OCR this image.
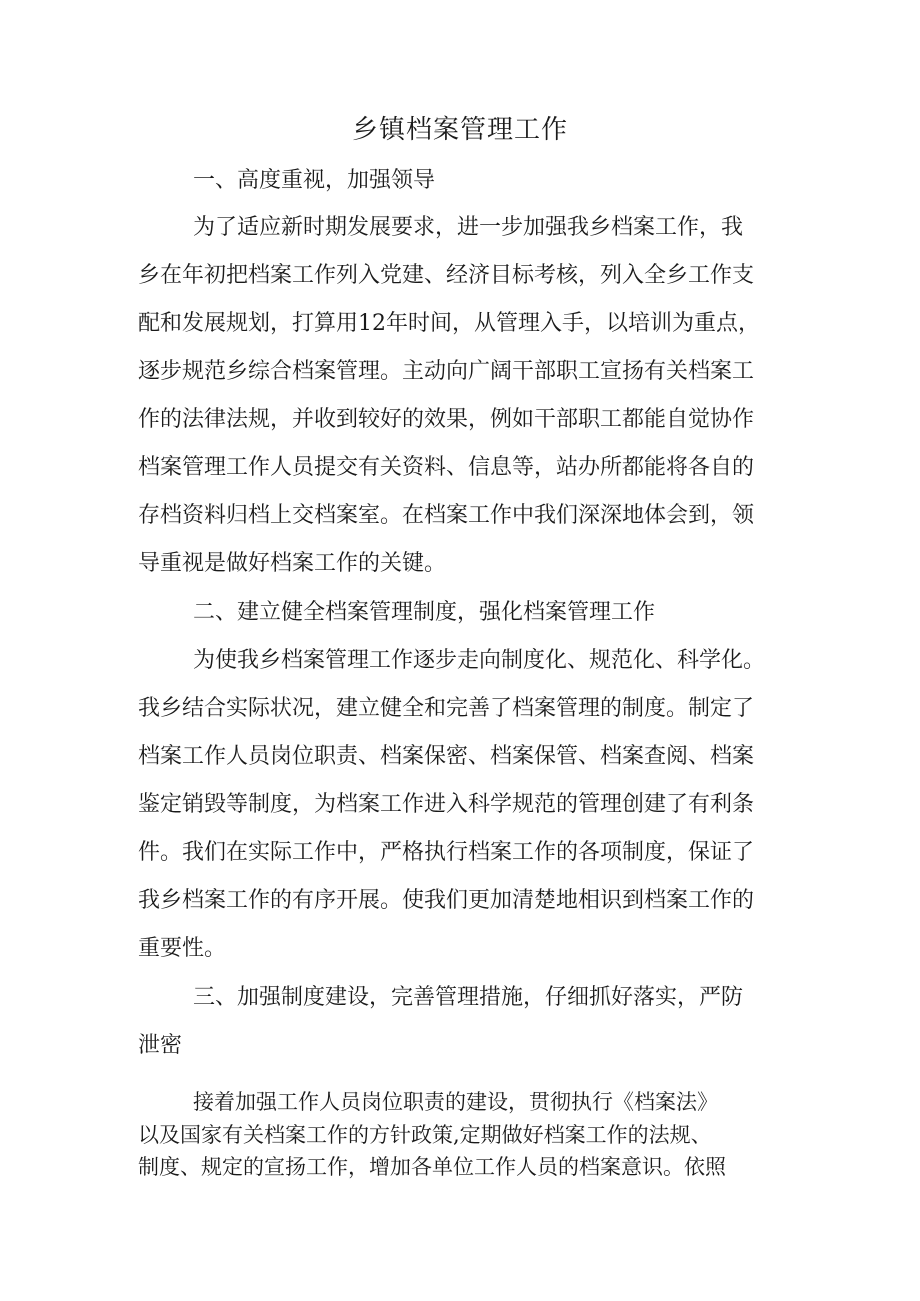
乡镇档案管理工作
一、高度重视，加强领导
为了适应新时期发展要求，进一步加强我乡档案工作，我
乡在年初把档案工作列入党建、经济目标考核，列入全乡工作支
配和发展规划，打算用12年时间，从管理入手，以培训为重点，
逐步规范乡综合档案管理。主动向广阔干部职工宣扬有关档案工
作的法律法规，并收到较好的效果，例如干部职工都能自觉协作
档案管理工作人员提交有关资料、信息等，站办所都能将各自的
存档资料归档上交档案室。在档案工作中我们深深地体会到，领
导重视是做好档案工作的关键。
二、建立健全档案管理制度，强化档案管理工作
为使我乡档案管理工作逐步走向制度化、规范化、科学化。
我乡结合实际状况，建立健全和完善了档案管理的制度。制定了
档案工作人员岗位职责、档案保密、档案保管、档案查阅、档案
鉴定销毁等制度，为档案工作进入科学规范的管理创建了有利条
件。我们在实际工作中，严格执行档案工作的各项制度，保证了
我乡档案工作的有序开展。使我们更加清楚地相识到档案工作的
重要性。
三、加强制度建设，完善管理措施，仔细抓好落实，严防
泄密
接着加强工作人员岗位职责的建设，贯彻执行《档案法》
以及国家有关档案工作的方针政策,定期做好档案工作的法规、
制度、规定的宣扬工作，增加各单位工作人员的档案意识。依照
